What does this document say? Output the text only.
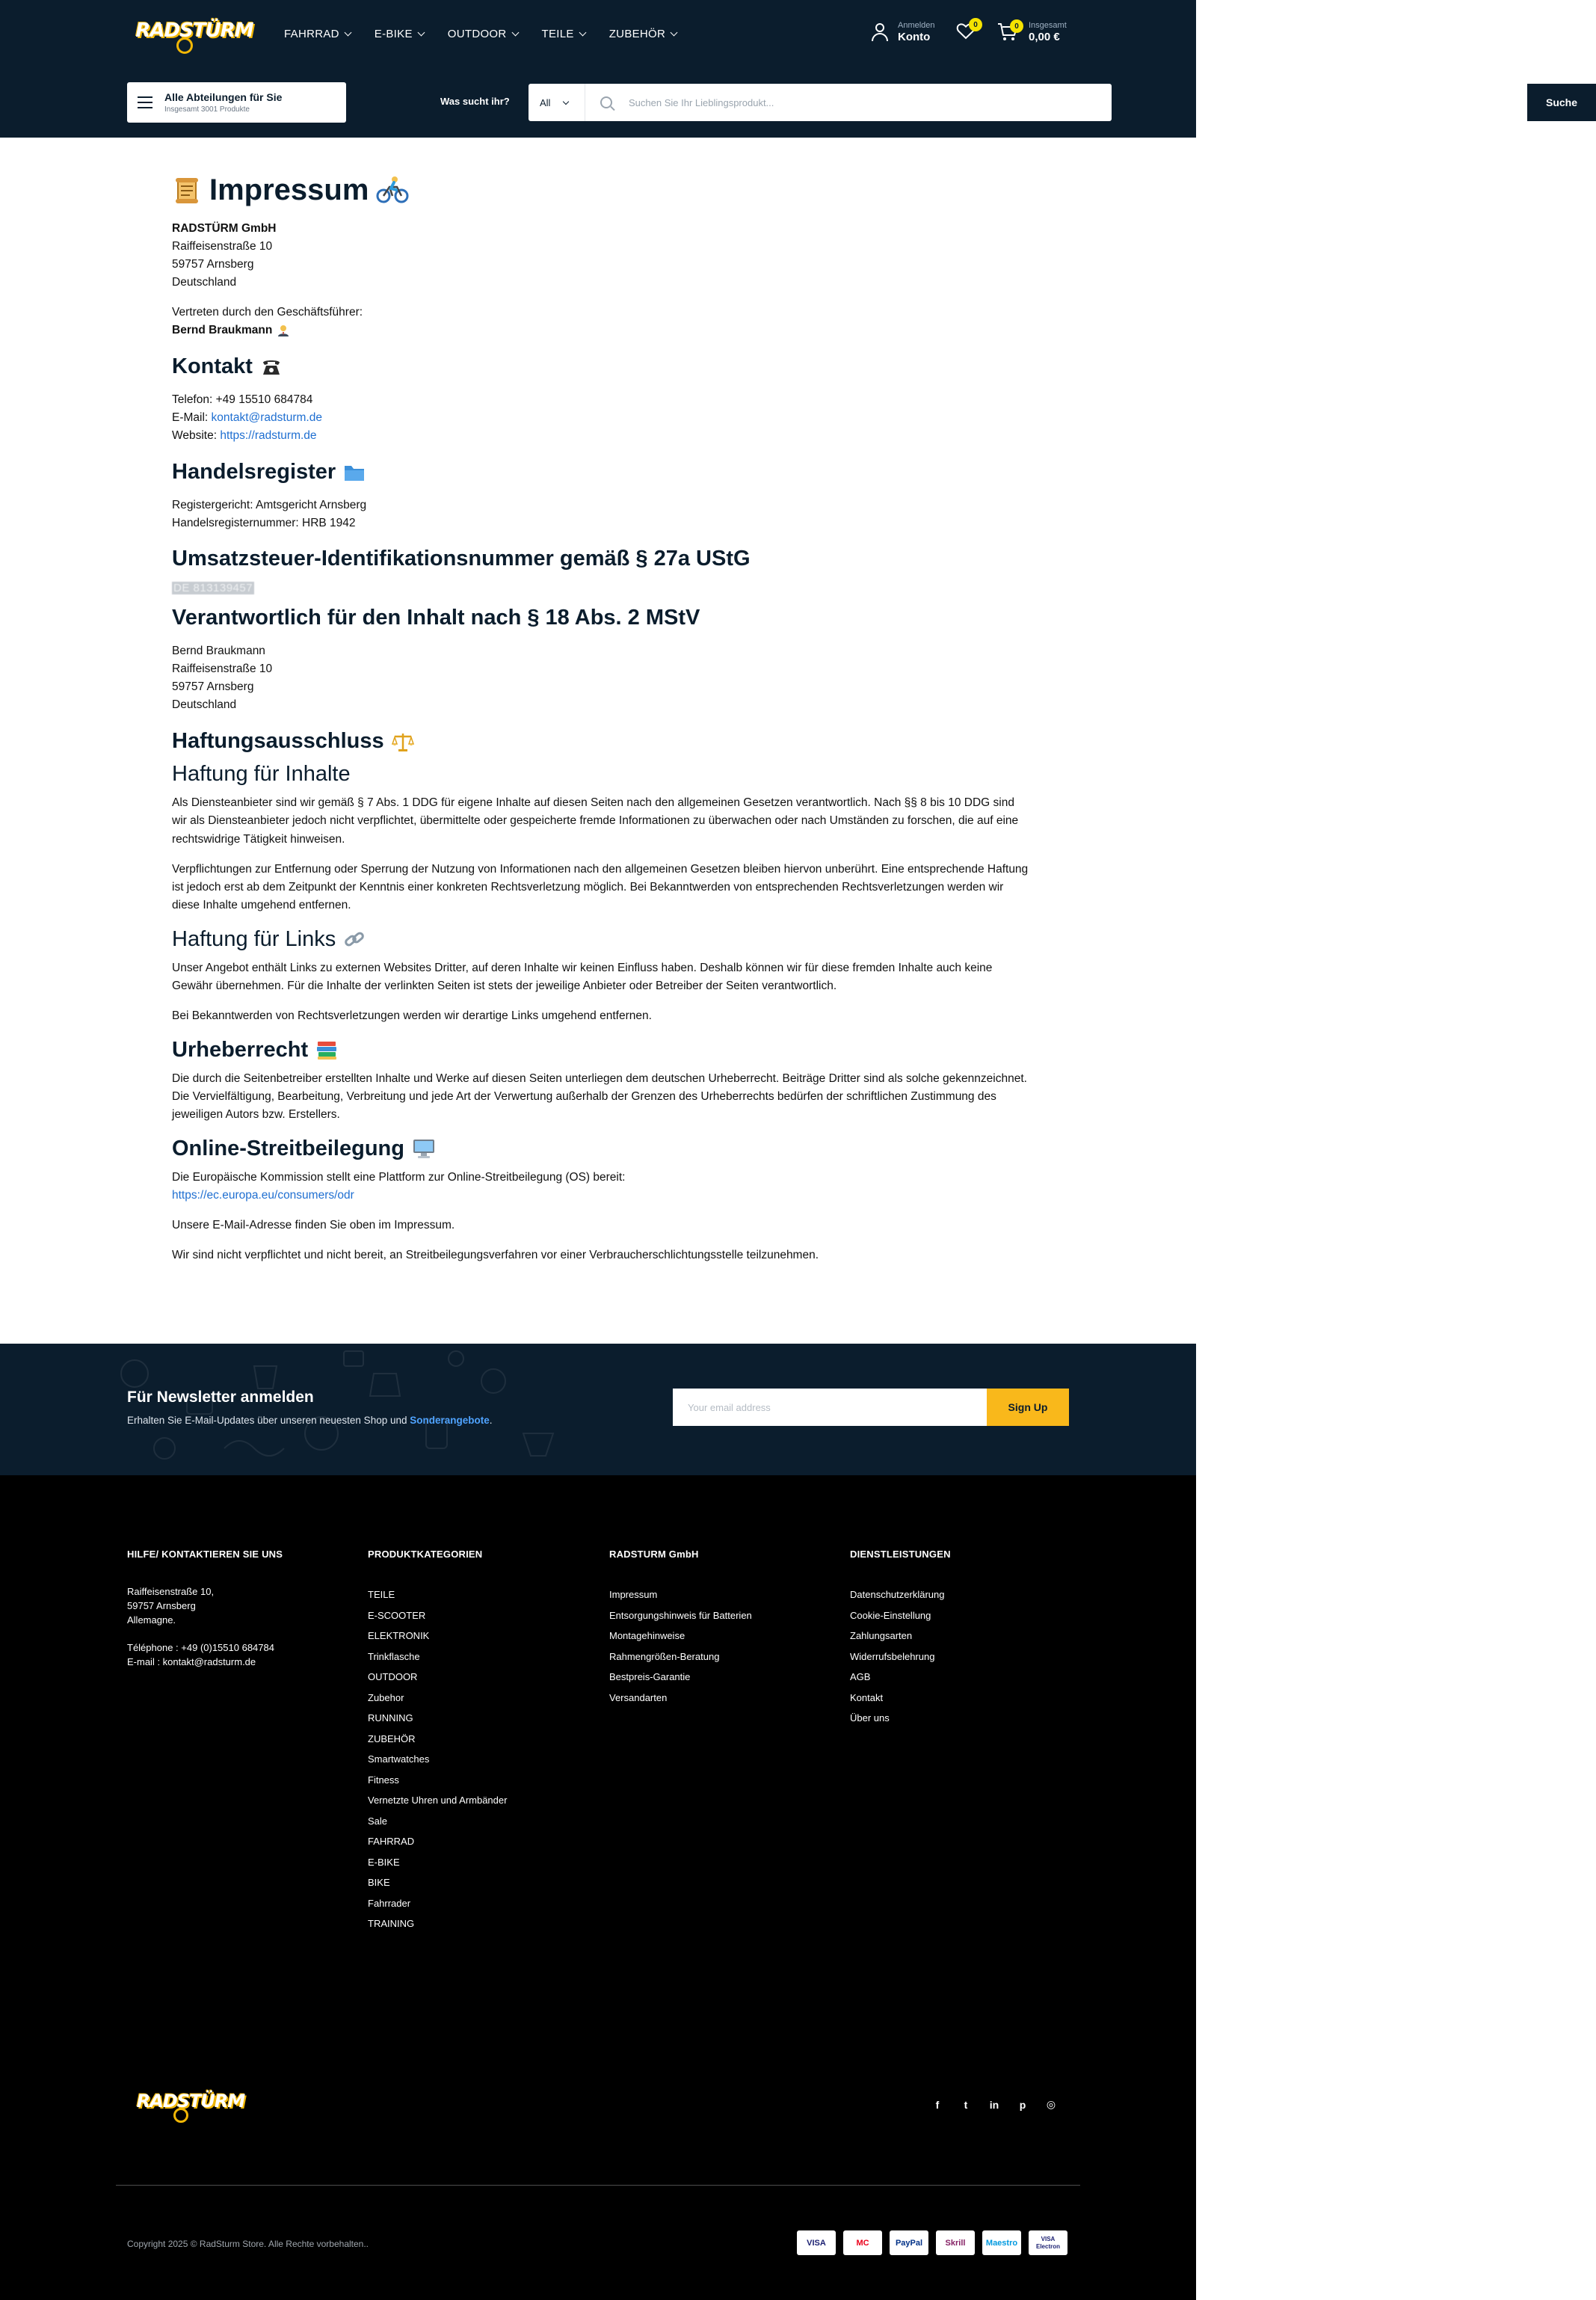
RADSTÜRM	FAHRRAD	E-BIKE	OUTDOOR	TEILE	ZUBEHÖR
Anmelden
Konto
0	0	Insgesamt
0,00 €
Alle Abteilungen für Sie
Insgesamt 3001 Produkte
Was sucht ihr?	All
Suchen Sie Ihr Lieblingsprodukt...	Suche
Impressum
RADSTÜRM GmbH
Raiffeisenstraße 10
59757 Arnsberg
Deutschland
Vertreten durch den Geschäftsführer:
Bernd Braukmann
Kontakt
Telefon: +49 15510 684784
E-Mail: kontakt@radsturm.de
Website: https://radsturm.de
Handelsregister
Registergericht: Amtsgericht Arnsberg
Handelsregisternummer: HRB 1942
Umsatzsteuer-Identifikationsnummer gemäß § 27a UStG
DE 813139457
Verantwortlich für den Inhalt nach § 18 Abs. 2 MStV
Bernd Braukmann
Raiffeisenstraße 10
59757 Arnsberg
Deutschland
Haftungsausschluss
Haftung für Inhalte

Als Diensteanbieter sind wir gemäß § 7 Abs. 1 DDG für eigene Inhalte auf diesen Seiten nach den allgemeinen Gesetzen verantwortlich. Nach §§ 8 bis 10 DDG sind wir als Diensteanbieter jedoch nicht verpflichtet, übermittelte oder gespeicherte fremde Informationen zu überwachen oder nach Umständen zu forschen, die auf eine rechtswidrige Tätigkeit hinweisen.

Verpflichtungen zur Entfernung oder Sperrung der Nutzung von Informationen nach den allgemeinen Gesetzen bleiben hiervon unberührt. Eine entsprechende Haftung ist jedoch erst ab dem Zeitpunkt der Kenntnis einer konkreten Rechtsverletzung möglich. Bei Bekanntwerden von entsprechenden Rechtsverletzungen werden wir diese Inhalte umgehend entfernen.

Haftung für Links

Unser Angebot enthält Links zu externen Websites Dritter, auf deren Inhalte wir keinen Einfluss haben. Deshalb können wir für diese fremden Inhalte auch keine Gewähr übernehmen. Für die Inhalte der verlinkten Seiten ist stets der jeweilige Anbieter oder Betreiber der Seiten verantwortlich.

Bei Bekanntwerden von Rechtsverletzungen werden wir derartige Links umgehend entfernen.

Urheberrecht

Die durch die Seitenbetreiber erstellten Inhalte und Werke auf diesen Seiten unterliegen dem deutschen Urheberrecht. Beiträge Dritter sind als solche gekennzeichnet. Die Vervielfältigung, Bearbeitung, Verbreitung und jede Art der Verwertung außerhalb der Grenzen des Urheberrechts bedürfen der schriftlichen Zustimmung des jeweiligen Autors bzw. Erstellers.

Online-Streitbeilegung

Die Europäische Kommission stellt eine Plattform zur Online-Streitbeilegung (OS) bereit:

https://ec.europa.eu/consumers/odr

Unsere E-Mail-Adresse finden Sie oben im Impressum.

Wir sind nicht verpflichtet und nicht bereit, an Streitbeilegungsverfahren vor einer Verbraucherschlichtungsstelle teilzunehmen.

Für Newsletter anmelden
Erhalten Sie E-Mail-Updates über unseren neuesten Shop und Sonderangebote.
Your email address
Sign Up
HILFE/ KONTAKTIEREN SIE UNS
Raiffeisenstraße 10,
59757 Arnsberg
Allemagne.
Téléphone : +49 (0)15510 684784
E-mail : kontakt@radsturm.de
PRODUKTKATEGORIEN
TEILE
E-SCOOTER
ELEKTRONIK
Trinkflasche
OUTDOOR
Zubehor
RUNNING
ZUBEHÖR
Smartwatches
Fitness
Vernetzte Uhren und Armbänder
Sale
FAHRRAD
E-BIKE
BIKE
Fahrrader
TRAINING
RADSTURM GmbH
Impressum
Entsorgungshinweis für Batterien
Montagehinweise
Rahmengrößen-Beratung
Bestpreis-Garantie
Versandarten
DIENSTLEISTUNGEN
Datenschutzerklärung
Cookie-Einstellung
Zahlungsarten
Widerrufsbelehrung
AGB
Kontakt
Über uns
RADSTÜRM	f	t	in	p	◎
Copyright 2025 © RadSturm Store. Alle Rechte vorbehalten..	VISA	MC	PayPal	Skrill	Maestro	VISA Electron
